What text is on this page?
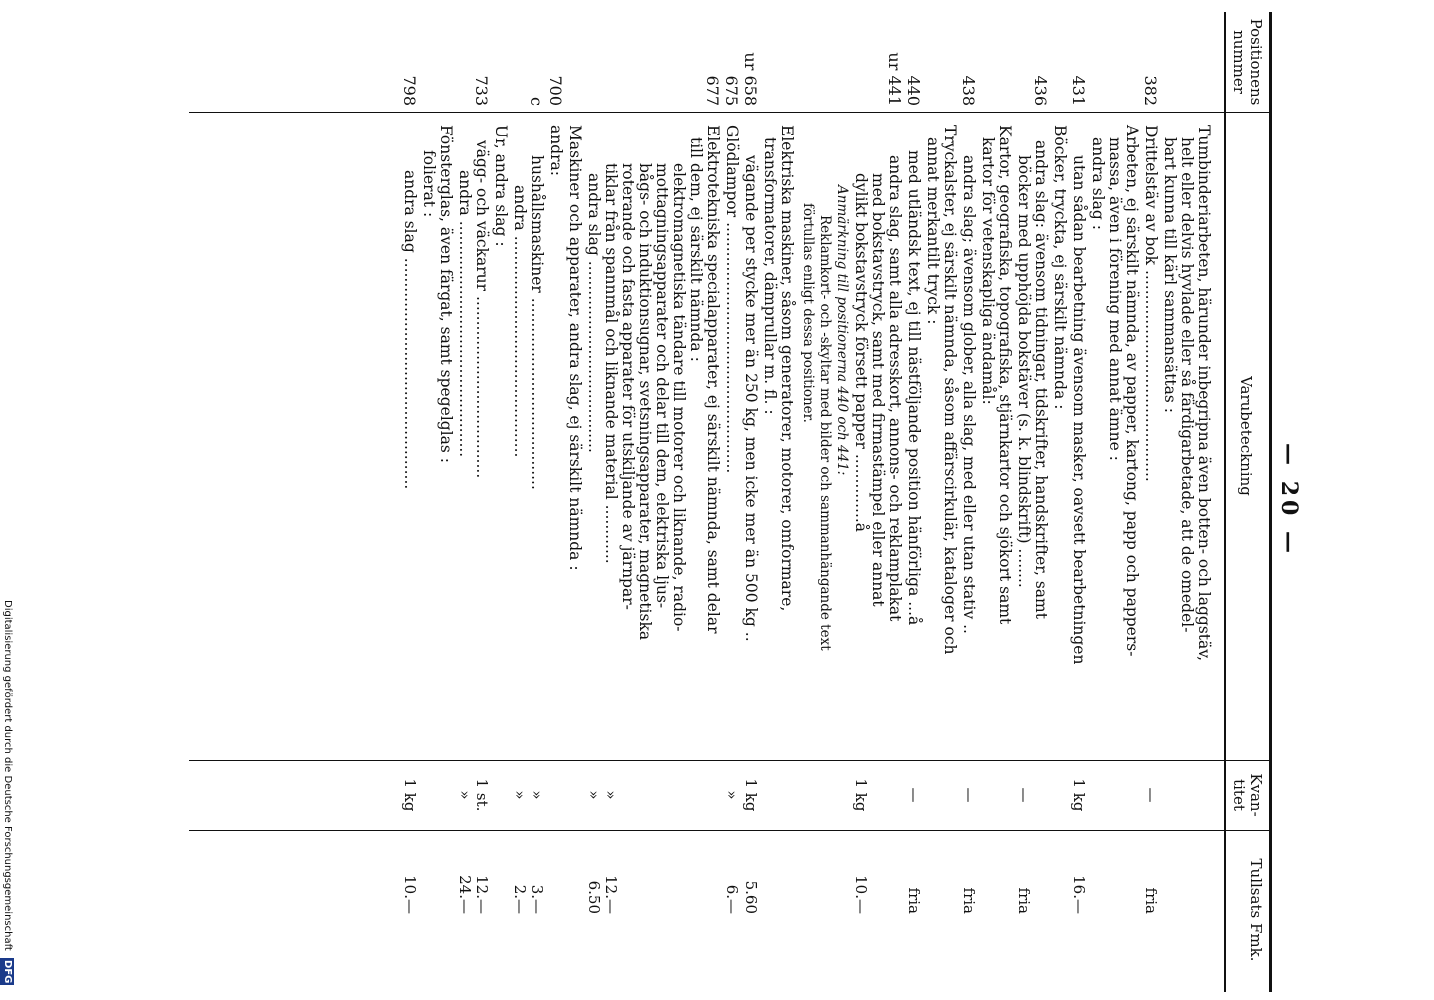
— 20 —
Positionens nummer
Varubeteckning
Kvan- titet
Tullsats Fmk.
Tumbinderiarbeten, härunder inbegripna även botten- och laggstäv,
helt eller delvis hyvlade eller så färdigarbetade, att de omedel-
bart kunna till kärl sammansättas :
382
Drittelstäv av bok ...........................................
—
fria
Arbeten, ej särskilt nämnda, av papper, kartong, papp och pappers-
massa, även i förening med annat ämne :
andra slag :
431
utan sådan bearbetning ävensom masker, oavsett bearbetningen
1 kg
16.—
Böcker, tryckta, ej särskilt nämnda :
436
andra slag: ävensom tidningar, tidskrifter, handskrifter, samt
böcker med upphöjda bokstäver (s. k. blindskrift) ........
—
fria
Kartor, geografiska, topografiska, stjärnkartor och sjökort samt
kartor för vetenskapliga ändamål:
438
andra slag; ävensom glober, alla slag, med eller utan stativ ..
—
fria
Tryckalster, ej särskilt nämnda, såsom affärscirkulär, kataloger och
annat merkantilt tryck :
440
med utländsk text, ej till nästföljande position hänförliga ...å
—
fria
ur 441
andra slag, samt alla adresskort, annons- och reklamplakat
med bokstavstryck, samt med firmastämpel eller annat
dylikt bokstavstryck försett papper ..............å
1 kg
10.—
Anmärkning till positionerna 440 och 441:
Reklamkort- och -skyltar med bilder och sammanhängande text
förtullas enligt dessa positioner.
Elektriska maskiner, såsom generatorer, motorer, omformare,
transformatorer, dämprullar m. fl. :
ur 658
vägande per stycke mer än 250 kg, men icke mer än 500 kg ..
1 kg
5.60
675
Glödlampor ...................................................
»
6.—
677
Elektrotekniska specialapparater, ej särskilt nämnda, samt delar
till dem, ej särskilt nämnda :
elektromagnetiska tändare till motorer och liknande, radio-
mottagningsapparater och delar till dem, elektriska ljus-
bågs- och induktionsugnar, svetsningsapparater, magnetiska
roterande och fasta apparater för utskiljande av järnpar-
tiklar från spannmål och liknande material ............
andra slag .......................................
»
12.—
»
6.50
Maskiner och apparater, andra slag, ej särskilt nämnda :
700
andra:
c
hushållsmaskiner .......................................
andra .............................................
»
3.—
»
2.—
Ur, andra slag :
733
vägg- och väckarur .....................................
andra ................................................
1 st.
12.—
»
24.—
Fönsterglas, även färgat, samt spegelglas :
folierat :
798
andra slag ...............................................
1 kg
10.—
Digitalisierung gefördert durch die Deutsche Forschungsgemeinschaft DFG
